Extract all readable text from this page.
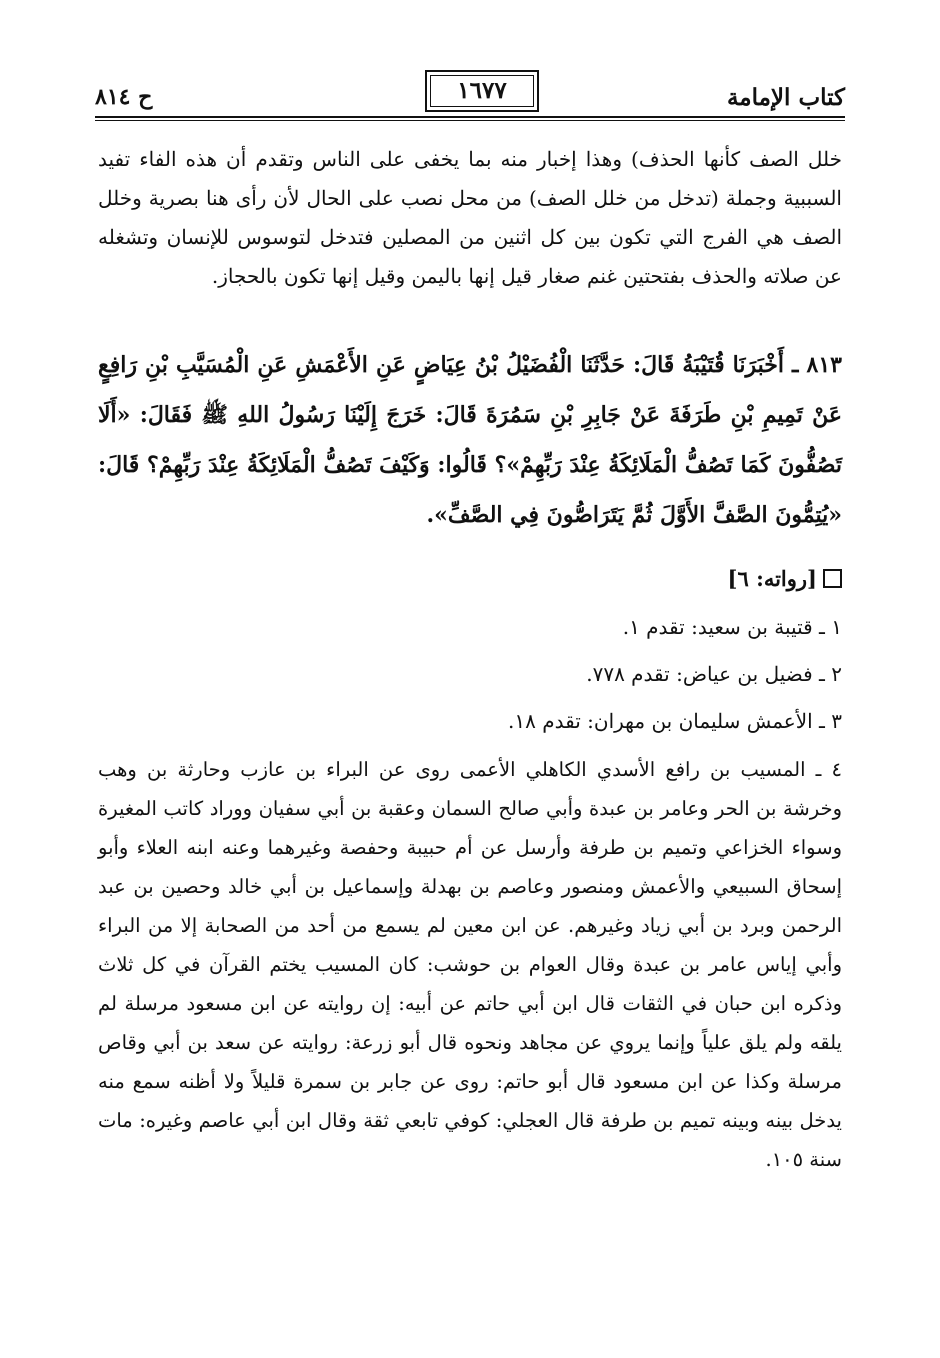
كتاب الإمامة
١٦٧٧
ح ٨١٤
خلل الصف كأنها الحذف) وهذا إخبار منه بما يخفى على الناس وتقدم أن هذه الفاء تفيد السببية وجملة (تدخل من خلل الصف) من محل نصب على الحال لأن رأى هنا بصرية وخلل الصف هي الفرج التي تكون بين كل اثنين من المصلين فتدخل لتوسوس للإنسان وتشغله عن صلاته والحذف بفتحتين غنم صغار قيل إنها باليمن وقيل إنها تكون بالحجاز.
٨١٣ ـ أَخْبَرَنَا قُتَيْبَةُ قَالَ: حَدَّثَنَا الْفُضَيْلُ بْنُ عِيَاضٍ عَنِ الأَعْمَشِ عَنِ الْمُسَيَّبِ بْنِ رَافِعٍ عَنْ تَمِيمِ بْنِ طَرَفَةَ عَنْ جَابِرِ بْنِ سَمُرَةَ قَالَ: خَرَجَ إِلَيْنَا رَسُولُ اللهِ ﷺ فَقَالَ: «أَلَا تَصُفُّونَ كَمَا تَصُفُّ الْمَلَائِكَةُ عِنْدَ رَبِّهِمْ»؟ قَالُوا: وَكَيْفَ تَصُفُّ الْمَلَائِكَةُ عِنْدَ رَبِّهِمْ؟ قَالَ: «يُتِمُّونَ الصَّفَّ الأَوَّلَ ثُمَّ يَتَرَاصُّونَ فِي الصَّفِّ».
[رواته: ٦]
١ ـ قتيبة بن سعيد: تقدم ١.
٢ ـ فضيل بن عياض: تقدم ٧٧٨.
٣ ـ الأعمش سليمان بن مهران: تقدم ١٨.
٤ ـ المسيب بن رافع الأسدي الكاهلي الأعمى روى عن البراء بن عازب وحارثة بن وهب وخرشة بن الحر وعامر بن عبدة وأبي صالح السمان وعقبة بن أبي سفيان ووراد كاتب المغيرة وسواء الخزاعي وتميم بن طرفة وأرسل عن أم حبيبة وحفصة وغيرهما وعنه ابنه العلاء وأبو إسحاق السبيعي والأعمش ومنصور وعاصم بن بهدلة وإسماعيل بن أبي خالد وحصين بن عبد الرحمن وبرد بن أبي زياد وغيرهم. عن ابن معين لم يسمع من أحد من الصحابة إلا من البراء وأبي إياس عامر بن عبدة وقال العوام بن حوشب: كان المسيب يختم القرآن في كل ثلاث وذكره ابن حبان في الثقات قال ابن أبي حاتم عن أبيه: إن روايته عن ابن مسعود مرسلة لم يلقه ولم يلق علياً وإنما يروي عن مجاهد ونحوه قال أبو زرعة: روايته عن سعد بن أبي وقاص مرسلة وكذا عن ابن مسعود قال أبو حاتم: روى عن جابر بن سمرة قليلاً ولا أظنه سمع منه يدخل بينه وبينه تميم بن طرفة قال العجلي: كوفي تابعي ثقة وقال ابن أبي عاصم وغيره: مات سنة ١٠٥.
